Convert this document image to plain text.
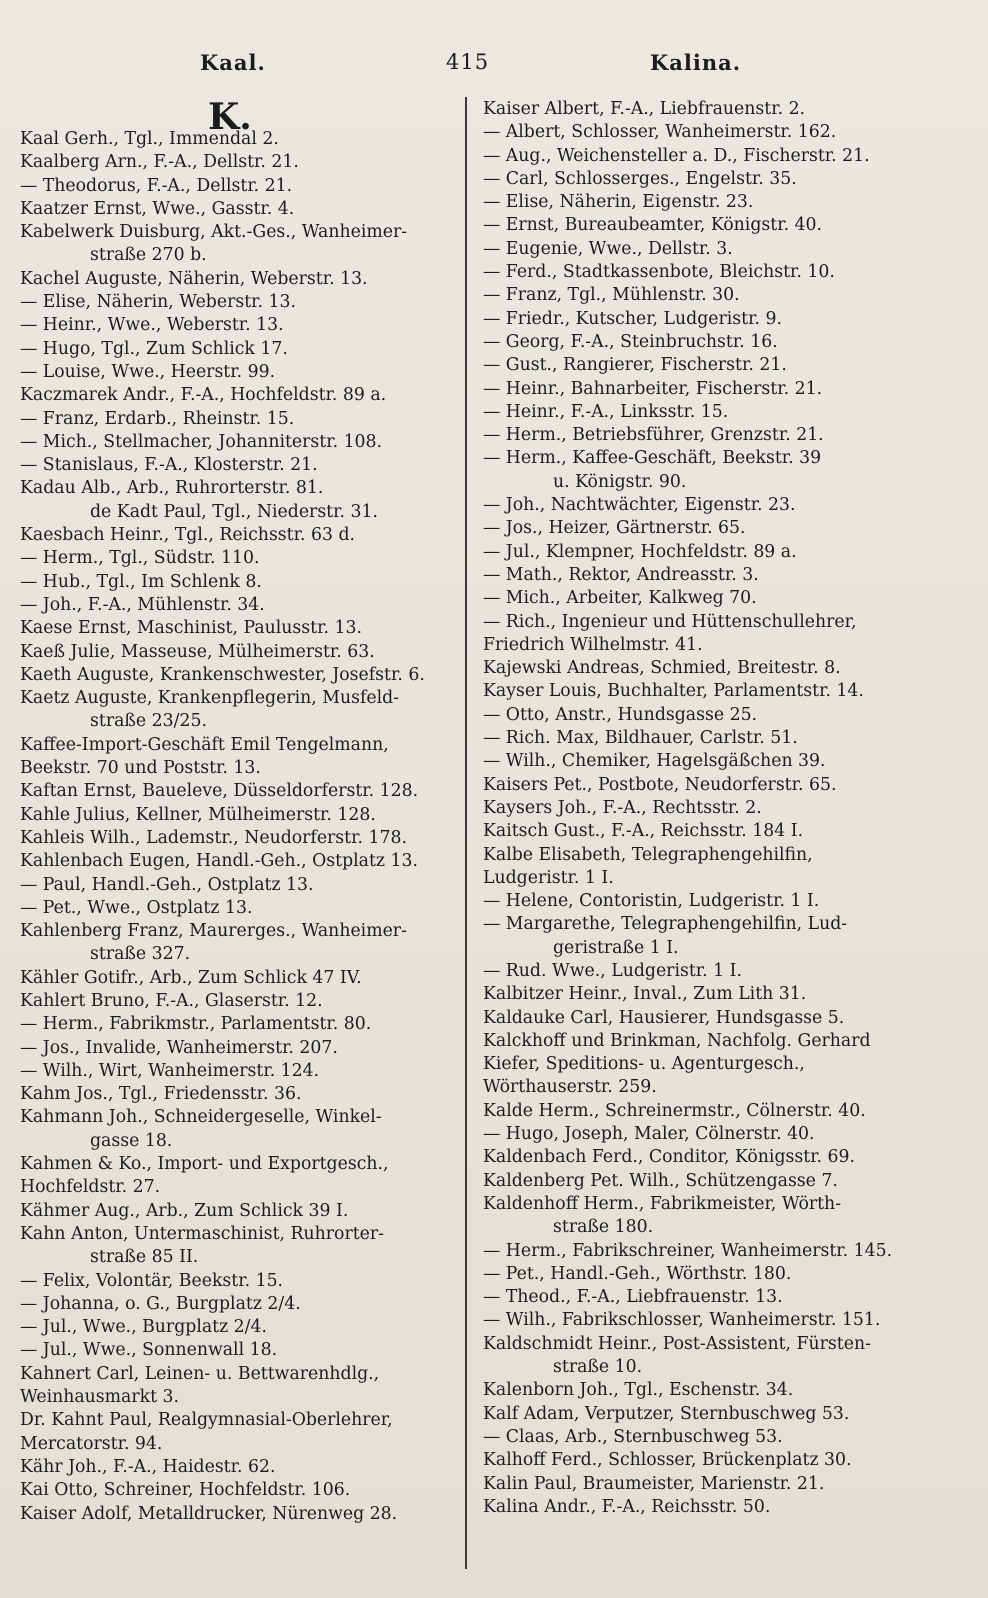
Kaal.	415	Kalina.
K.
Kaal Gerh., Tgl., Immendal 2.
Kaalberg Arn., F.-A., Dellstr. 21.
— Theodorus, F.-A., Dellstr. 21.
Kaatzer Ernst, Wwe., Gasstr. 4.
Kabelwerk Duisburg, Akt.-Ges., Wanheimer-
straße 270 b.
Kachel Auguste, Näherin, Weberstr. 13.
— Elise, Näherin, Weberstr. 13.
— Heinr., Wwe., Weberstr. 13.
— Hugo, Tgl., Zum Schlick 17.
— Louise, Wwe., Heerstr. 99.
Kaczmarek Andr., F.-A., Hochfeldstr. 89 a.
— Franz, Erdarb., Rheinstr. 15.
— Mich., Stellmacher, Johanniterstr. 108.
— Stanislaus, F.-A., Klosterstr. 21.
Kadau Alb., Arb., Ruhrorterstr. 81.
de Kadt Paul, Tgl., Niederstr. 31.
Kaesbach Heinr., Tgl., Reichsstr. 63 d.
— Herm., Tgl., Südstr. 110.
— Hub., Tgl., Im Schlenk 8.
— Joh., F.-A., Mühlenstr. 34.
Kaese Ernst, Maschinist, Paulusstr. 13.
Kaeß Julie, Masseuse, Mülheimerstr. 63.
Kaeth Auguste, Krankenschwester, Josefstr. 6.
Kaetz Auguste, Krankenpflegerin, Musfeld-
straße 23/25.
Kaffee-Import-Geschäft Emil Tengelmann,
Beekstr. 70 und Poststr. 13.
Kaftan Ernst, Baueleve, Düsseldorferstr. 128.
Kahle Julius, Kellner, Mülheimerstr. 128.
Kahleis Wilh., Lademstr., Neudorferstr. 178.
Kahlenbach Eugen, Handl.-Geh., Ostplatz 13.
— Paul, Handl.-Geh., Ostplatz 13.
— Pet., Wwe., Ostplatz 13.
Kahlenberg Franz, Maurerges., Wanheimer-
straße 327.
Kähler Gotifr., Arb., Zum Schlick 47 IV.
Kahlert Bruno, F.-A., Glaserstr. 12.
— Herm., Fabrikmstr., Parlamentstr. 80.
— Jos., Invalide, Wanheimerstr. 207.
— Wilh., Wirt, Wanheimerstr. 124.
Kahm Jos., Tgl., Friedensstr. 36.
Kahmann Joh., Schneidergeselle, Winkel-
gasse 18.
Kahmen & Ko., Import- und Exportgesch.,
Hochfeldstr. 27.
Kähmer Aug., Arb., Zum Schlick 39 I.
Kahn Anton, Untermaschinist, Ruhrorter-
straße 85 II.
— Felix, Volontär, Beekstr. 15.
— Johanna, o. G., Burgplatz 2/4.
— Jul., Wwe., Burgplatz 2/4.
— Jul., Wwe., Sonnenwall 18.
Kahnert Carl, Leinen- u. Bettwarenhdlg.,
Weinhausmarkt 3.
Dr. Kahnt Paul, Realgymnasial-Oberlehrer,
Mercatorstr. 94.
Kähr Joh., F.-A., Haidestr. 62.
Kai Otto, Schreiner, Hochfeldstr. 106.
Kaiser Adolf, Metalldrucker, Nürenweg 28.
Kaiser Albert, F.-A., Liebfrauenstr. 2.
— Albert, Schlosser, Wanheimerstr. 162.
— Aug., Weichensteller a. D., Fischerstr. 21.
— Carl, Schlosserges., Engelstr. 35.
— Elise, Näherin, Eigenstr. 23.
— Ernst, Bureaubeamter, Königstr. 40.
— Eugenie, Wwe., Dellstr. 3.
— Ferd., Stadtkassenbote, Bleichstr. 10.
— Franz, Tgl., Mühlenstr. 30.
— Friedr., Kutscher, Ludgeristr. 9.
— Georg, F.-A., Steinbruchstr. 16.
— Gust., Rangierer, Fischerstr. 21.
— Heinr., Bahnarbeiter, Fischerstr. 21.
— Heinr., F.-A., Linksstr. 15.
— Herm., Betriebsführer, Grenzstr. 21.
— Herm., Kaffee-Geschäft, Beekstr. 39
u. Königstr. 90.
— Joh., Nachtwächter, Eigenstr. 23.
— Jos., Heizer, Gärtnerstr. 65.
— Jul., Klempner, Hochfeldstr. 89 a.
— Math., Rektor, Andreasstr. 3.
— Mich., Arbeiter, Kalkweg 70.
— Rich., Ingenieur und Hüttenschullehrer,
Friedrich Wilhelmstr. 41.
Kajewski Andreas, Schmied, Breitestr. 8.
Kayser Louis, Buchhalter, Parlamentstr. 14.
— Otto, Anstr., Hundsgasse 25.
— Rich. Max, Bildhauer, Carlstr. 51.
— Wilh., Chemiker, Hagelsgäßchen 39.
Kaisers Pet., Postbote, Neudorferstr. 65.
Kaysers Joh., F.-A., Rechtsstr. 2.
Kaitsch Gust., F.-A., Reichsstr. 184 I.
Kalbe Elisabeth, Telegraphengehilfin,
Ludgeristr. 1 I.
— Helene, Contoristin, Ludgeristr. 1 I.
— Margarethe, Telegraphengehilfin, Lud-
geristraße 1 I.
— Rud. Wwe., Ludgeristr. 1 I.
Kalbitzer Heinr., Inval., Zum Lith 31.
Kaldauke Carl, Hausierer, Hundsgasse 5.
Kalckhoff und Brinkman, Nachfolg. Gerhard
Kiefer, Speditions- u. Agenturgesch.,
Wörthauserstr. 259.
Kalde Herm., Schreinermstr., Cölnerstr. 40.
— Hugo, Joseph, Maler, Cölnerstr. 40.
Kaldenbach Ferd., Conditor, Königsstr. 69.
Kaldenberg Pet. Wilh., Schützengasse 7.
Kaldenhoff Herm., Fabrikmeister, Wörth-
straße 180.
— Herm., Fabrikschreiner, Wanheimerstr. 145.
— Pet., Handl.-Geh., Wörthstr. 180.
— Theod., F.-A., Liebfrauenstr. 13.
— Wilh., Fabrikschlosser, Wanheimerstr. 151.
Kaldschmidt Heinr., Post-Assistent, Fürsten-
straße 10.
Kalenborn Joh., Tgl., Eschenstr. 34.
Kalf Adam, Verputzer, Sternbuschweg 53.
— Claas, Arb., Sternbuschweg 53.
Kalhoff Ferd., Schlosser, Brückenplatz 30.
Kalin Paul, Braumeister, Marienstr. 21.
Kalina Andr., F.-A., Reichsstr. 50.
